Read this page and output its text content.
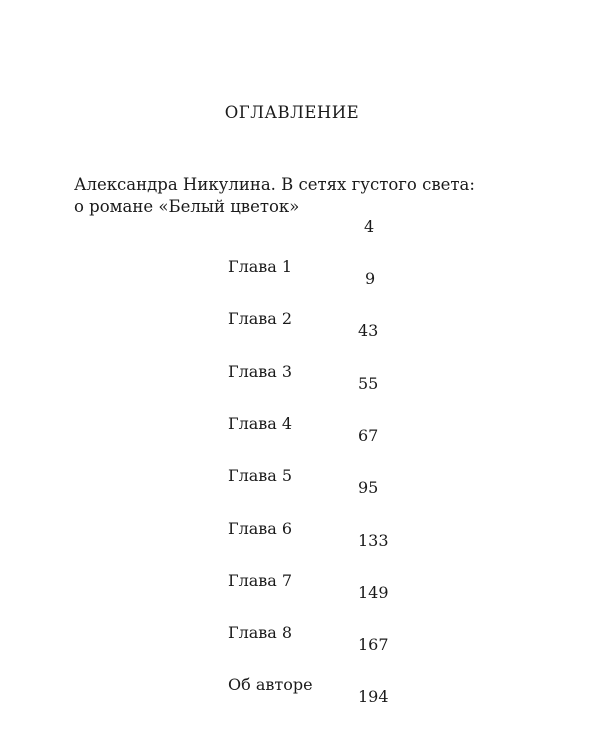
ОГЛАВЛЕНИЕ
Александра Никулина. В сетях густого света:
о романе «Белый цветок»
4
Глава 1
9
Глава 2
43
Глава 3
55
Глава 4
67
Глава 5
95
Глава 6
133
Глава 7
149
Глава 8
167
Об авторе
194
